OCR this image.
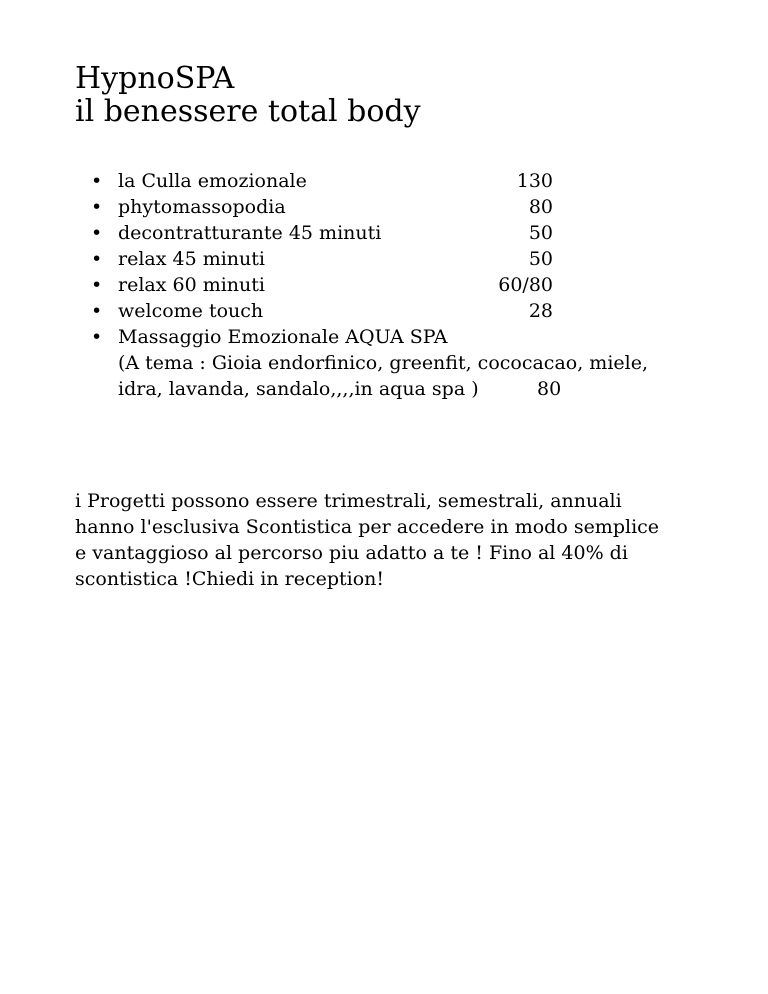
HypnoSPA
il benessere total body
• la Culla emozionale	130
• phytomassopodia	80
• decontratturante 45 minuti	50
• relax 45 minuti	50
• relax 60 minuti	60/80
• welcome touch	28
• Massaggio Emozionale AQUA SPA
(A tema : Gioia endorfinico, greenfit, cococacao, miele,
idra, lavanda, sandalo,,,,in aqua spa )	80

i Progetti possono essere trimestrali, semestrali, annuali
hanno l'esclusiva Scontistica per accedere in modo semplice
e vantaggioso al percorso piu adatto a te ! Fino al 40% di
scontistica !Chiedi in reception!
